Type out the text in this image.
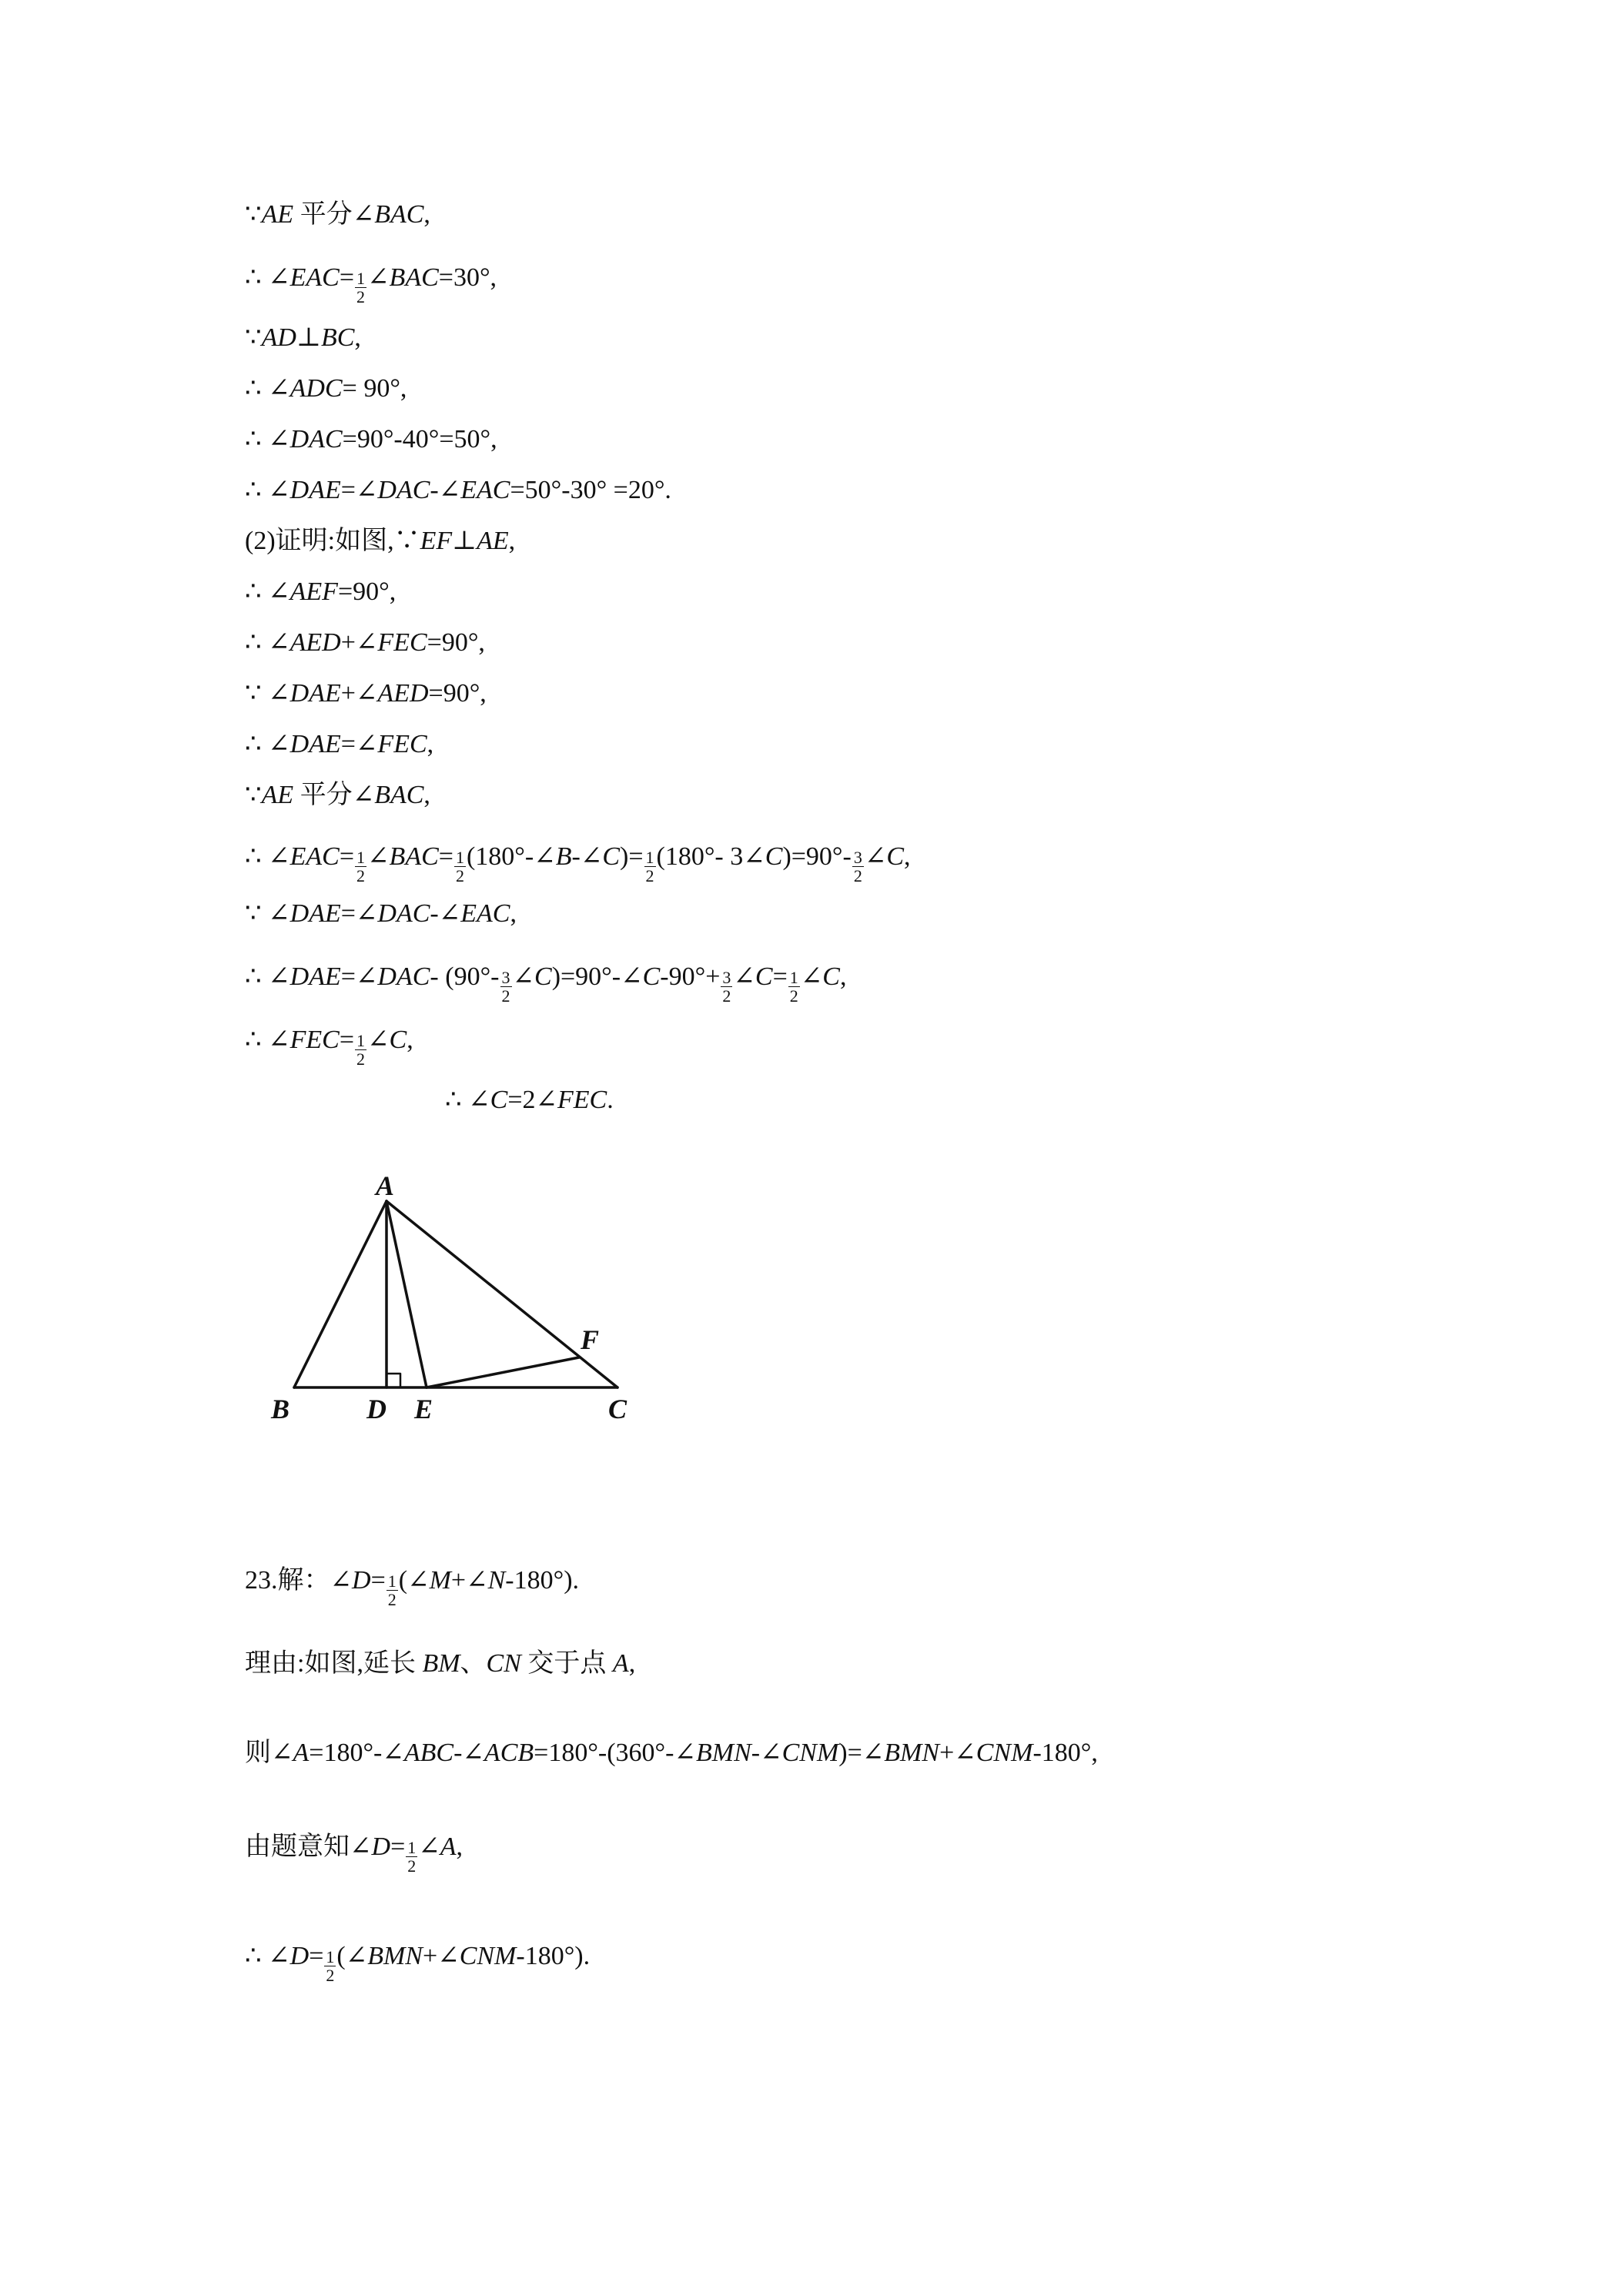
∵AE 平分∠BAC,
∴ ∠EAC= $\frac{1}{2}$ ∠BAC=30°,
∵AD⊥BC,
∴ ∠ADC= 90°,
∴ ∠DAC=90°-40°=50°,
∴ ∠DAE=∠DAC-∠EAC=50°-30° =20°.
(2)证明:如图,∵EF⊥AE,
∴ ∠AEF=90°,
∴ ∠AED+∠FEC=90°,
∵ ∠DAE+∠AED=90°,
∴ ∠DAE=∠FEC,
∵AE 平分∠BAC,
∴ ∠EAC= $\frac{1}{2}$ ∠BAC= $\frac{1}{2}$ (180°-∠B-∠C)= $\frac{1}{2} (180^\circ-$ 3∠C)=90°- $\frac{3}{2}$ ∠C,
∵ ∠DAE=∠DAC-∠EAC,
∴ ∠DAE=∠DAC- ($90^\circ- \frac{3}{2}$ ∠C)=90°-∠C-90°+ $\frac{3}{2}$ ∠C= $\frac{1}{2}$ ∠C,
∴ ∠FEC= $\frac{1}{2}$ ∠C,
∴ ∠C=2∠FEC.
A
B	D E	C
F
23.解：∠D= $\frac{1}{2}$ (∠M+∠N-180°).
理由:如图,延长 BM、CN 交于点 A,
则∠A=180°-∠ABC-∠ACB=180°-(360°-∠BMN-∠CNM)=∠BMN+∠CNM-180°,
由题意知∠D= $\frac{1}{2}$ ∠A,
∴ ∠D= $\frac{1}{2}$ (∠BMN+∠CNM-180°).
